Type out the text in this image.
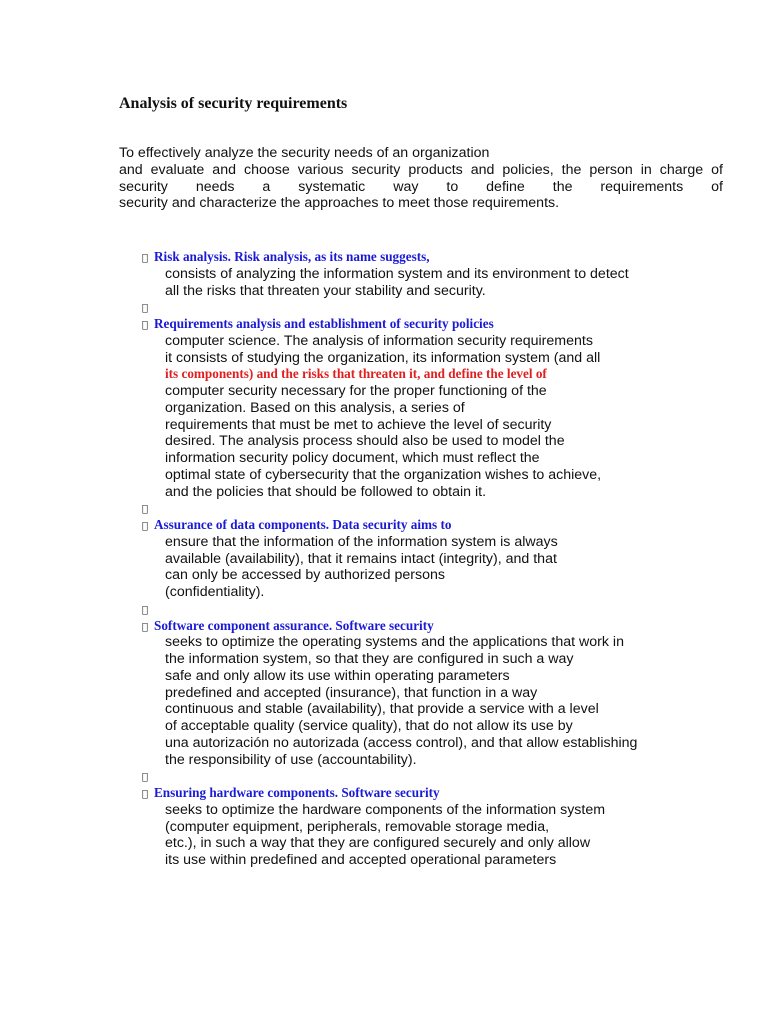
Analysis of security requirements
To effectively analyze the security needs of an organization
and evaluate and choose various security products and policies, the person in charge of
security needs a systematic way to define the requirements of
security and characterize the approaches to meet those requirements.
Risk analysis. Risk analysis, as its name suggests,
consists of analyzing the information system and its environment to detect
all the risks that threaten your stability and security.
Requirements analysis and establishment of security policies
computer science. The analysis of information security requirements
it consists of studying the organization, its information system (and all
its components) and the risks that threaten it, and define the level of
computer security necessary for the proper functioning of the
organization. Based on this analysis, a series of
requirements that must be met to achieve the level of security
desired. The analysis process should also be used to model the
information security policy document, which must reflect the
optimal state of cybersecurity that the organization wishes to achieve,
and the policies that should be followed to obtain it.
Assurance of data components. Data security aims to
ensure that the information of the information system is always
available (availability), that it remains intact (integrity), and that
can only be accessed by authorized persons
(confidentiality).
Software component assurance. Software security
seeks to optimize the operating systems and the applications that work in
the information system, so that they are configured in such a way
safe and only allow its use within operating parameters
predefined and accepted (insurance), that function in a way
continuous and stable (availability), that provide a service with a level
of acceptable quality (service quality), that do not allow its use by
una autorización no autorizada (access control), and that allow establishing
the responsibility of use (accountability).
Ensuring hardware components. Software security
seeks to optimize the hardware components of the information system
(computer equipment, peripherals, removable storage media,
etc.), in such a way that they are configured securely and only allow
its use within predefined and accepted operational parameters
